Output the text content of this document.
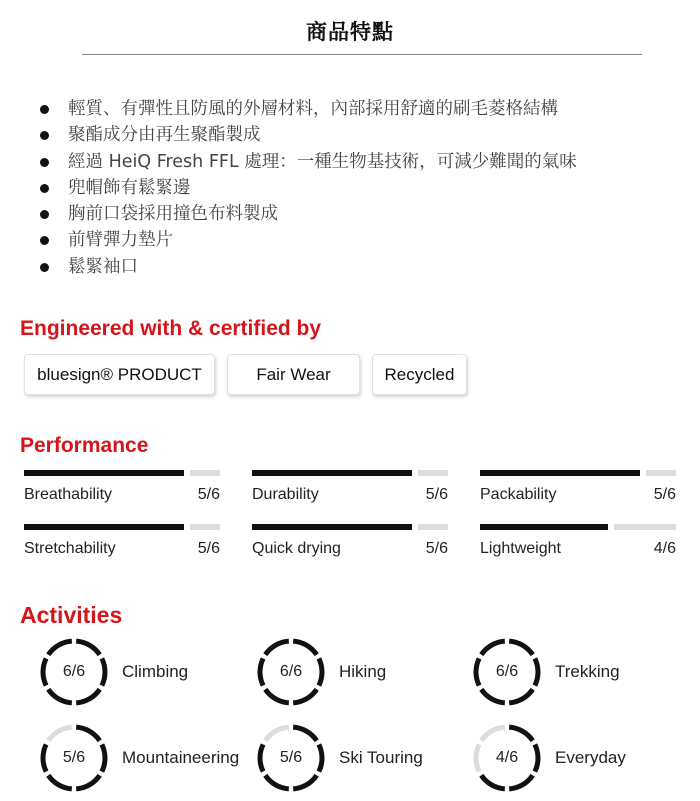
商品特點
輕質、有彈性且防風的外層材料，內部採用舒適的刷毛菱格結構
聚酯成分由再生聚酯製成
經過 HeiQ Fresh FFL 處理：一種生物基技術，可減少難聞的氣味
兜帽飾有鬆緊邊
胸前口袋採用撞色布料製成
前臂彈力墊片
鬆緊袖口
Engineered with & certified by
bluesign® PRODUCT	Fair Wear	Recycled
Performance
Breathability	5/6 Durability	5/6 Packability	5/6
Stretchability	5/6 Quick drying	5/6 Lightweight	4/6
Activities
6/6	Climbing	6/6	Hiking	6/6	Trekking
5/6	Mountaineering	5/6	Ski Touring	4/6	Everyday
